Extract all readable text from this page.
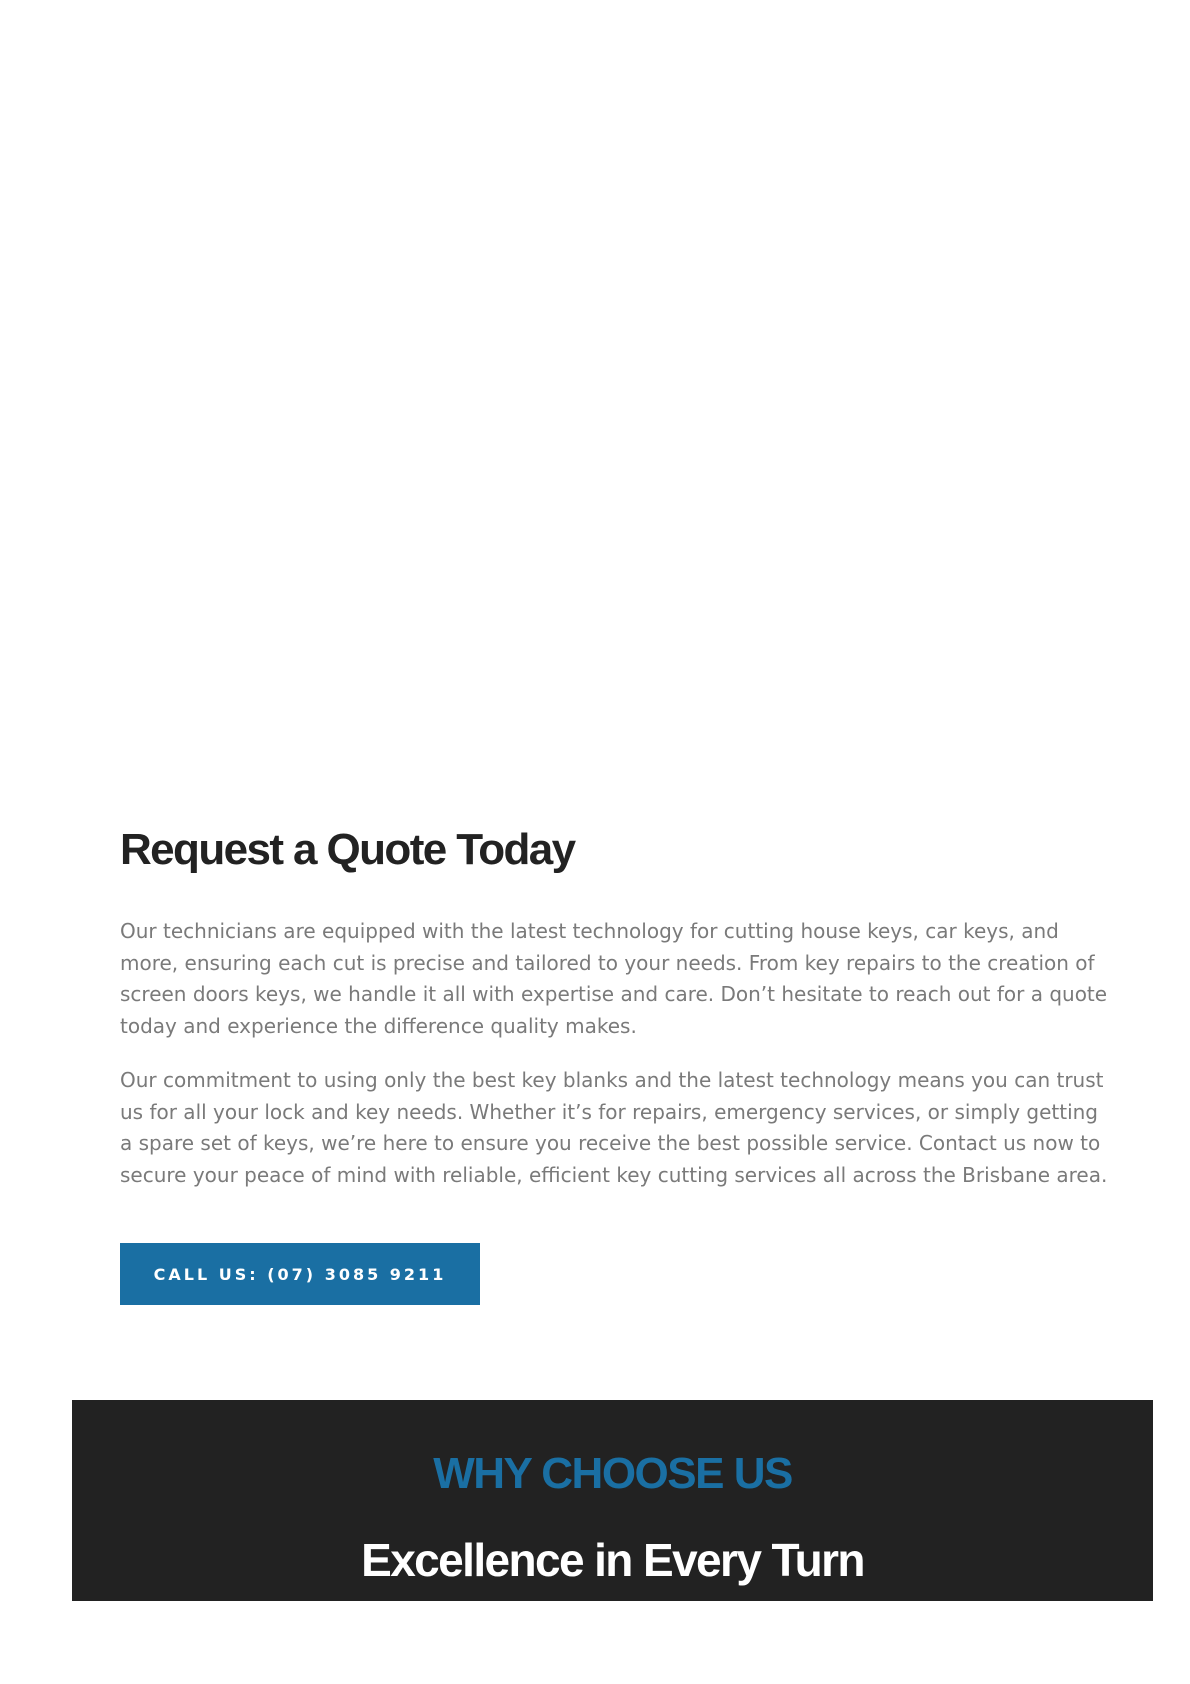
Request a Quote Today

Our technicians are equipped with the latest technology for cutting house keys, car keys, and more, ensuring each cut is precise and tailored to your needs. From key repairs to the creation of screen doors keys, we handle it all with expertise and care. Don’t hesitate to reach out for a quote today and experience the difference quality makes.

Our commitment to using only the best key blanks and the latest technology means you can trust us for all your lock and key needs. Whether it’s for repairs, emergency services, or simply getting a spare set of keys, we’re here to ensure you receive the best possible service. Contact us now to secure your peace of mind with reliable, efficient key cutting services all across the Brisbane area.

CALL US: (07) 3085 9211
WHY CHOOSE US
Excellence in Every Turn
